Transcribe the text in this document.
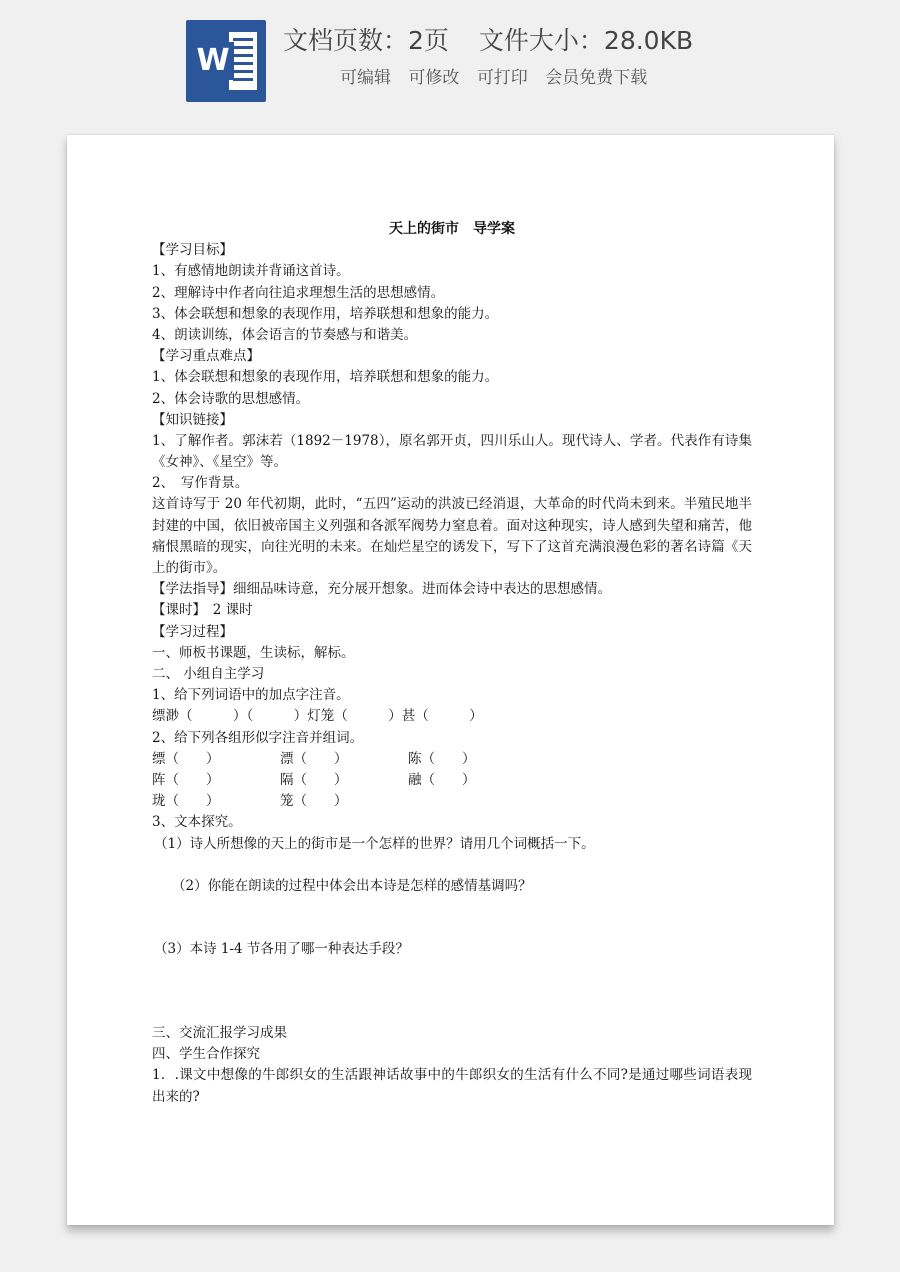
W
文档页数：2页 文件大小：28.0KB
可编辑 可修改 可打印 会员免费下载
天上的街市　导学案
【学习目标】
1、有感情地朗读并背诵这首诗。
2、理解诗中作者向往追求理想生活的思想感情。
3、体会联想和想象的表现作用，培养联想和想象的能力。
4、朗读训练，体会语言的节奏感与和谐美。
【学习重点难点】
1、体会联想和想象的表现作用，培养联想和想象的能力。
2、体会诗歌的思想感情。
【知识链接】
1、了解作者。郭沫若（1892－1978），原名郭开贞，四川乐山人。现代诗人、学者。代表作有诗集《女神》、《星空》等。
2、　写作背景。
这首诗写于 20 年代初期，此时，“五四”运动的洪波已经消退，大革命的时代尚未到来。半殖民地半封建的中国，依旧被帝国主义列强和各派军阀势力窒息着。面对这种现实，诗人感到失望和痛苦，他痛恨黑暗的现实，向往光明的未来。在灿烂星空的诱发下，写下了这首充满浪漫色彩的著名诗篇《天上的街市》。
【学法指导】细细品味诗意，充分展开想象。进而体会诗中表达的思想感情。
【课时】　2 课时
【学习过程】
一、师板书课题，生读标，解标。
二、 小组自主学习
1、给下列词语中的加点字注音。
缥渺（　　　）（　　　）灯笼（　　　）甚（　　　）
2、给下列各组形似字注音并组词。
缥（　　）	漂（　　）	陈（　　）
阵（　　）	隔（　　）	融（　　）
珑（　　）	笼（　　）
3、文本探究。
（1）诗人所想像的天上的街市是一个怎样的世界？请用几个词概括一下。
（2）你能在朗读的过程中体会出本诗是怎样的感情基调吗？
（3）本诗 1-4 节各用了哪一种表达手段？
三、交流汇报学习成果
四、学生合作探究
1．.课文中想像的牛郎织女的生活跟神话故事中的牛郎织女的生活有什么不同?是通过哪些词语表现出来的?
